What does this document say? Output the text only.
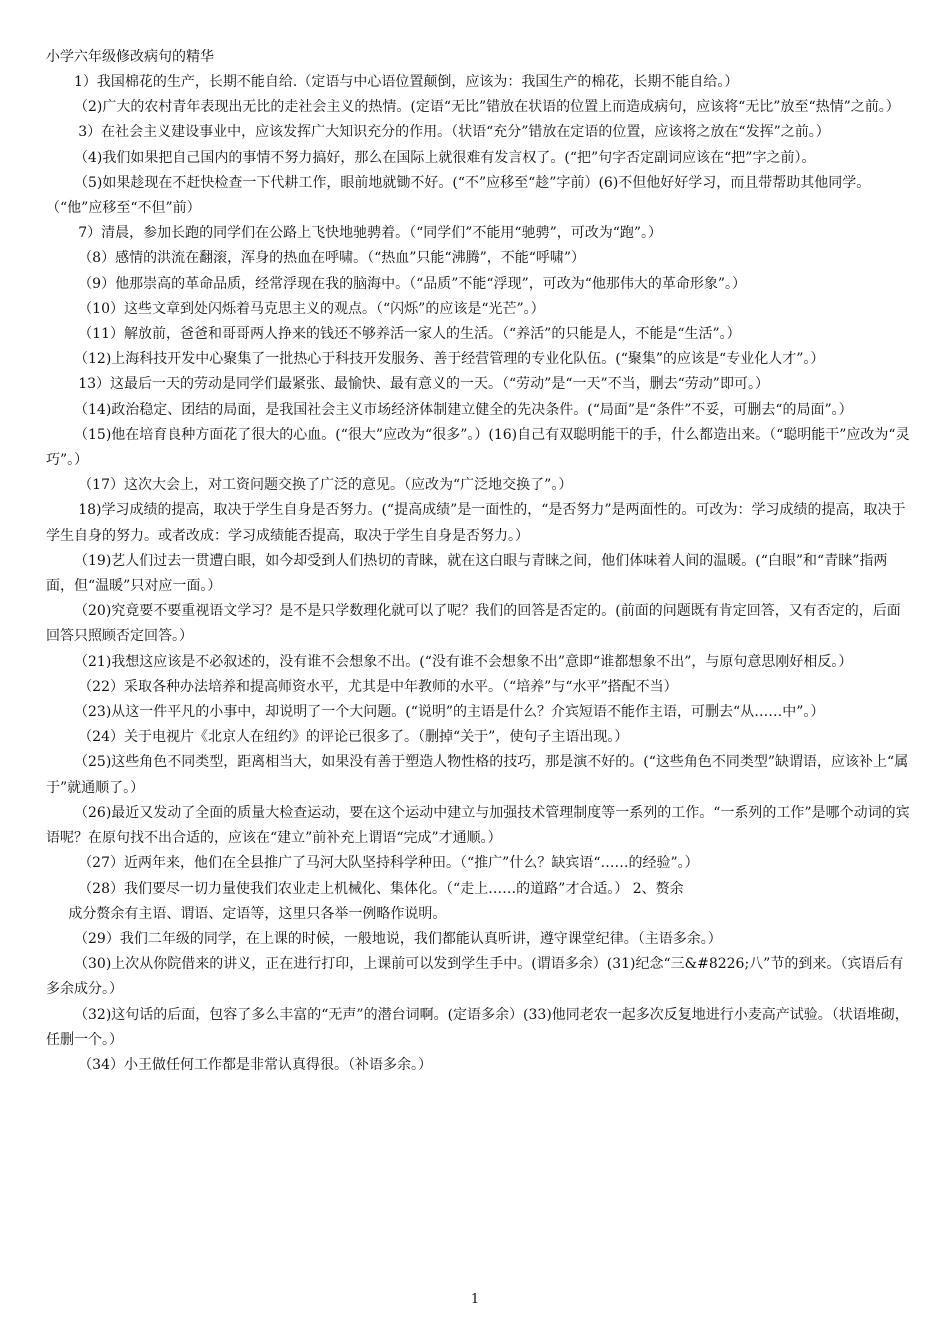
小学六年级修改病句的精华

1）我国棉花的生产，长期不能自给.（定语与中心语位置颠倒，应该为：我国生产的棉花，长期不能自给。）

（2)广大的农村青年表现出无比的走社会主义的热情。(定语“无比”错放在状语的位置上而造成病句，应该将“无比”放至“热情”之前。）

3）在社会主义建设事业中，应该发挥广大知识充分的作用。（状语“充分”错放在定语的位置，应该将之放在“发挥”之前。）

（4)我们如果把自己国内的事情不努力搞好，那么在国际上就很难有发言权了。(“把”句字否定副词应该在“把”字之前）。

（5)如果趁现在不赶快检查一下代耕工作，眼前地就锄不好。(“不”应移至“趁”字前）(6)不但他好好学习，而且带帮助其他同学。（“他”应移至“不但”前）

7）清晨，参加长跑的同学们在公路上飞快地驰骋着。（“同学们”不能用“驰骋”，可改为“跑”。）

（8）感情的洪流在翻滚，浑身的热血在呼啸。（“热血”只能“沸腾”，不能“呼啸”）

（9）他那崇高的革命品质，经常浮现在我的脑海中。（“品质”不能“浮现”，可改为“他那伟大的革命形象”。）

（10）这些文章到处闪烁着马克思主义的观点。（“闪烁”的应该是“光芒”。）

（11）解放前，爸爸和哥哥两人挣来的钱还不够养活一家人的生活。（“养活”的只能是人，不能是“生活”。）

（12)上海科技开发中心聚集了一批热心于科技开发服务、善于经营管理的专业化队伍。(“聚集”的应该是“专业化人才”。）

13）这最后一天的劳动是同学们最紧张、最愉快、最有意义的一天。（“劳动”是“一天”不当，删去“劳动”即可。）

（14)政治稳定、团结的局面，是我国社会主义市场经济体制建立健全的先决条件。(“局面”是“条件”不妥，可删去“的局面”。）

（15)他在培育良种方面花了很大的心血。(“很大”应改为“很多”。）(16)自己有双聪明能干的手，什么都造出来。（“聪明能干”应改为“灵巧”。）

（17）这次大会上，对工资问题交换了广泛的意见。（应改为“广泛地交换了”。）

18)学习成绩的提高，取决于学生自身是否努力。(“提高成绩”是一面性的，“是否努力”是两面性的。可改为：学习成绩的提高，取决于学生自身的努力。或者改成：学习成绩能否提高，取决于学生自身是否努力。）

（19)艺人们过去一贯遭白眼，如今却受到人们热切的青睐，就在这白眼与青睐之间，他们体味着人间的温暖。(“白眼”和“青睐”指两面，但“温暖”只对应一面。）

（20)究竟要不要重视语文学习？是不是只学数理化就可以了呢？我们的回答是否定的。(前面的问题既有肯定回答，又有否定的，后面回答只照顾否定回答。）

（21)我想这应该是不必叙述的，没有谁不会想象不出。(“没有谁不会想象不出”意即“谁都想象不出”，与原句意思刚好相反。）

（22）采取各种办法培养和提高师资水平，尤其是中年教师的水平。（“培养”与“水平”搭配不当）

（23)从这一件平凡的小事中，却说明了一个大问题。(“说明”的主语是什么？介宾短语不能作主语，可删去“从……中”。）

（24）关于电视片《北京人在纽约》的评论已很多了。（删掉“关于”，使句子主语出现。）

（25)这些角色不同类型，距离相当大，如果没有善于塑造人物性格的技巧，那是演不好的。(“这些角色不同类型”缺谓语，应该补上“属于”就通顺了。）

（26)最近又发动了全面的质量大检查运动，要在这个运动中建立与加强技术管理制度等一系列的工作。“一系列的工作”是哪个动词的宾语呢？在原句找不出合适的，应该在“建立”前补充上谓语“完成”才通顺。）

（27）近两年来，他们在全县推广了马河大队坚持科学种田。（“推广”什么？缺宾语“……的经验”。）

（28）我们要尽一切力量使我们农业走上机械化、集体化。（“走上……的道路”才合适。） 2、赘余

成分赘余有主语、谓语、定语等，这里只各举一例略作说明。

（29）我们二年级的同学，在上课的时候，一般地说，我们都能认真听讲，遵守课堂纪律。（主语多余。）

（30)上次从你院借来的讲义，正在进行打印，上课前可以发到学生手中。(谓语多余）(31)纪念“三&#8226;八”节的到来。（宾语后有多余成分。）

（32)这句话的后面，包容了多么丰富的“无声”的潜台词啊。(定语多余）(33)他同老农一起多次反复地进行小麦高产试验。（状语堆砌，任删一个。）

（34）小王做任何工作都是非常认真得很。（补语多余。）

1
